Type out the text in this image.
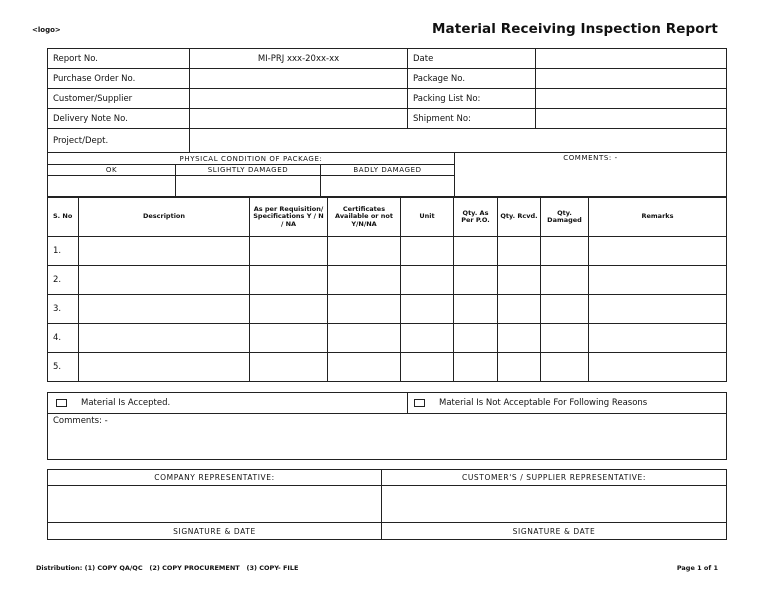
<logo>	Material Receiving Inspection Report
Report No.	MI-PRJ xxx-20xx-xx	Date	
Purchase Order No.		Package No.	
Customer/Supplier		Packing List No:	
Delivery Note No.		Shipment No:	
Project/Dept.			
PHYSICAL CONDITION OF PACKAGE:			COMMENTS: -
OK	SLIGHTLY DAMAGED	BADLY DAMAGED	

S. No	Description	As per Requisition/ Specifications Y / N / NA	Certificates Available or not Y/N/NA	Unit	Qty. As Per P.O.	Qty. Rcvd.	Qty. Damaged	Remarks
1.								
2.								
3.								
4.								
5.								
Material Is Accepted.	Material Is Not Acceptable For Following Reasons
Comments: -
COMPANY REPRESENTATIVE:	CUSTOMER'S / SUPPLIER REPRESENTATIVE:

SIGNATURE & DATE	SIGNATURE & DATE
Distribution: (1) COPY QA/QC   (2) COPY PROCUREMENT   (3) COPY- FILE	Page 1 of 1
